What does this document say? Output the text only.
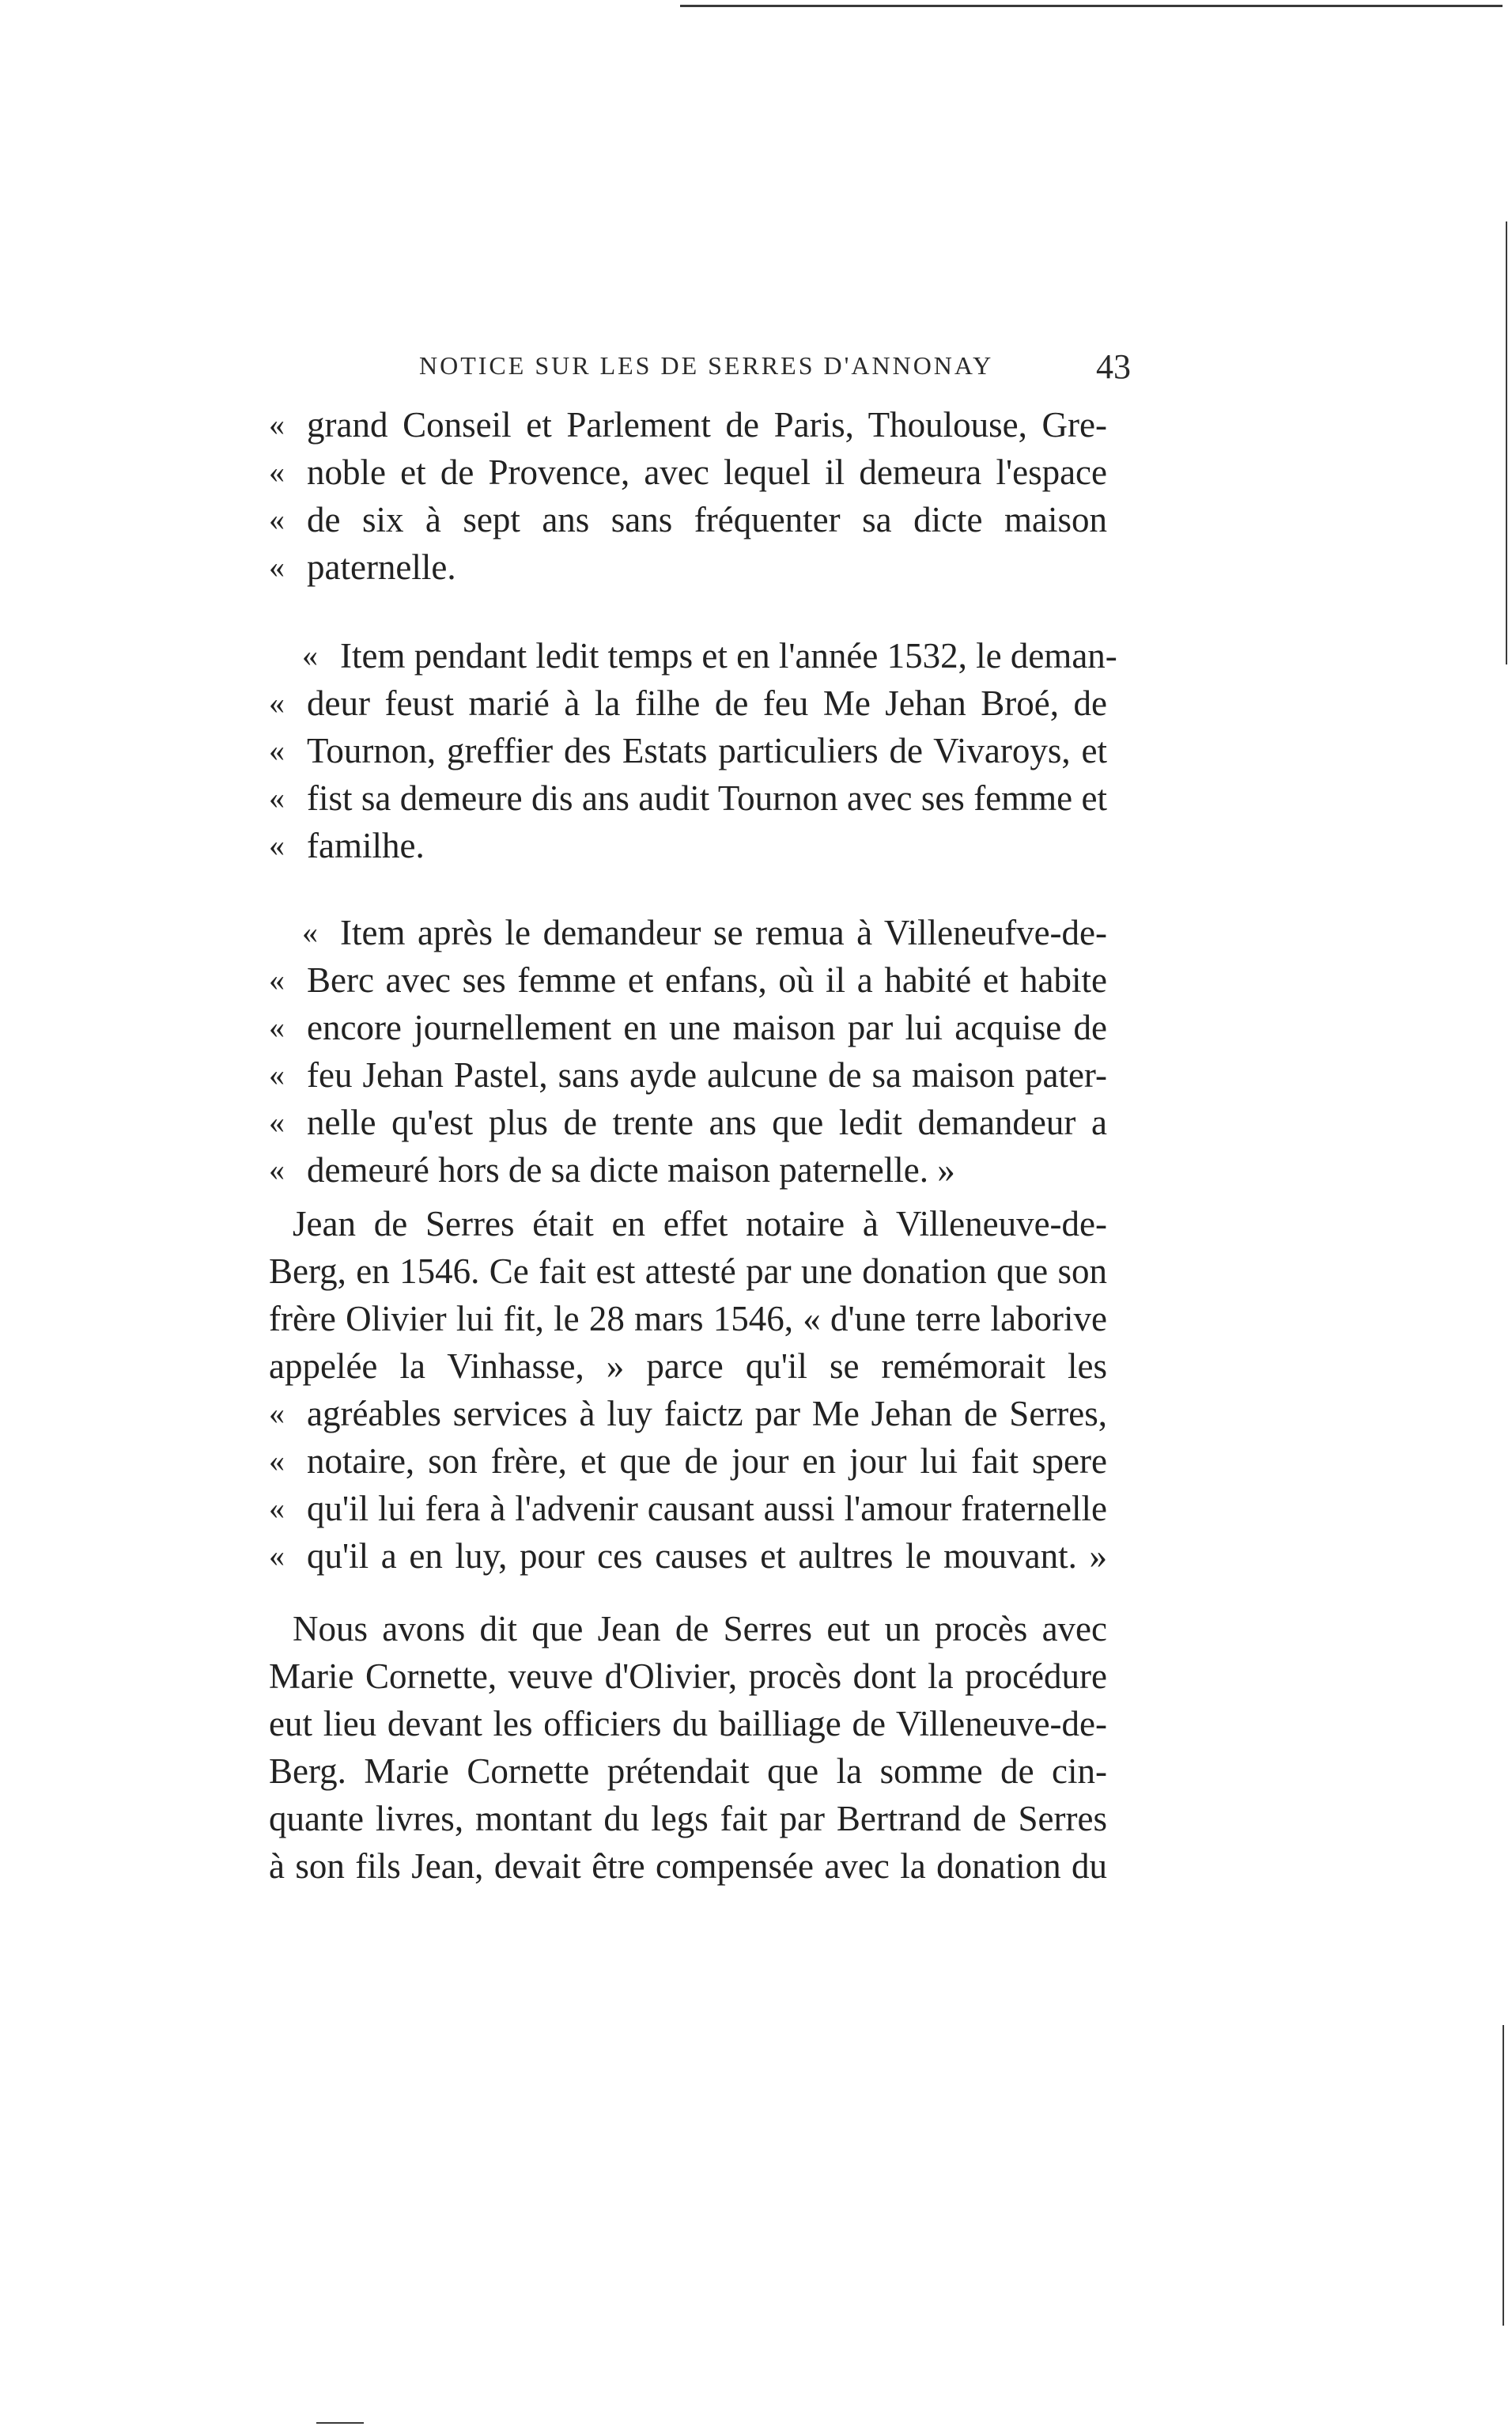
NOTICE SUR LES DE SERRES D'ANNONAY	43
« grand Conseil et Parlement de Paris, Thoulouse, Gre-
« noble et de Provence, avec lequel il demeura l'espace
« de six à sept ans sans fréquenter sa dicte maison
« paternelle.
« Item pendant ledit temps et en l'année 1532, le deman-
« deur feust marié à la filhe de feu Me Jehan Broé, de
« Tournon, greffier des Estats particuliers de Vivaroys, et
« fist sa demeure dis ans audit Tournon avec ses femme et
« familhe.
« Item après le demandeur se remua à Villeneufve-de-
« Berc avec ses femme et enfans, où il a habité et habite
« encore journellement en une maison par lui acquise de
« feu Jehan Pastel, sans ayde aulcune de sa maison pater-
« nelle qu'est plus de trente ans que ledit demandeur a
« demeuré hors de sa dicte maison paternelle. »
Jean de Serres était en effet notaire à Villeneuve-de-
Berg, en 1546. Ce fait est attesté par une donation que son
frère Olivier lui fit, le 28 mars 1546, « d'une terre laborive
appelée la Vinhasse, » parce qu'il se remémorait les
« agréables services à luy faictz par Me Jehan de Serres,
« notaire, son frère, et que de jour en jour lui fait spere
« qu'il lui fera à l'advenir causant aussi l'amour fraternelle
« qu'il a en luy, pour ces causes et aultres le mouvant. »
Nous avons dit que Jean de Serres eut un procès avec
Marie Cornette, veuve d'Olivier, procès dont la procédure
eut lieu devant les officiers du bailliage de Villeneuve-de-
Berg. Marie Cornette prétendait que la somme de cin-
quante livres, montant du legs fait par Bertrand de Serres
à son fils Jean, devait être compensée avec la donation du
